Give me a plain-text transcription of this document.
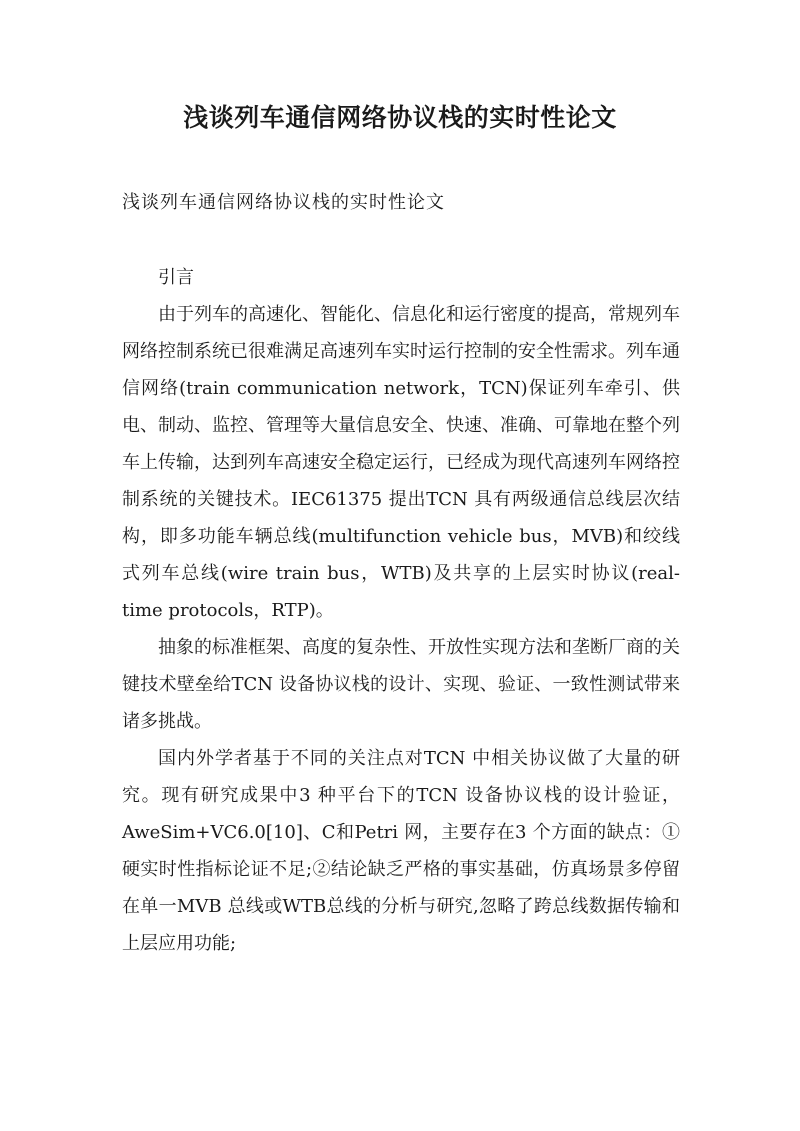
浅谈列车通信网络协议栈的实时性论文
浅谈列车通信网络协议栈的实时性论文
引言

由于列车的高速化、智能化、信息化和运行密度的提高，常规列车网络控制系统已很难满足高速列车实时运行控制的安全性需求。列车通信网络(train communication network，TCN)保证列车牵引、供电、制动、监控、管理等大量信息安全、快速、准确、可靠地在整个列车上传输，达到列车高速安全稳定运行，已经成为现代高速列车网络控制系统的关键技术。IEC61375 提出TCN 具有两级通信总线层次结构，即多功能车辆总线(multifunction vehicle bus，MVB)和绞线式列车总线(wire train bus，WTB)及共享的上层实时协议(real-time protocols，RTP)。

抽象的标准框架、高度的复杂性、开放性实现方法和垄断厂商的关键技术壁垒给TCN 设备协议栈的设计、实现、验证、一致性测试带来诸多挑战。

国内外学者基于不同的关注点对TCN 中相关协议做了大量的研究。现有研究成果中3 种平台下的TCN 设备协议栈的设计验证，AweSim+VC6.0[10]、C和Petri 网，主要存在3 个方面的缺点：①硬实时性指标论证不足;②结论缺乏严格的事实基础，仿真场景多停留在单一MVB 总线或WTB总线的分析与研究,忽略了跨总线数据传输和上层应用功能;
